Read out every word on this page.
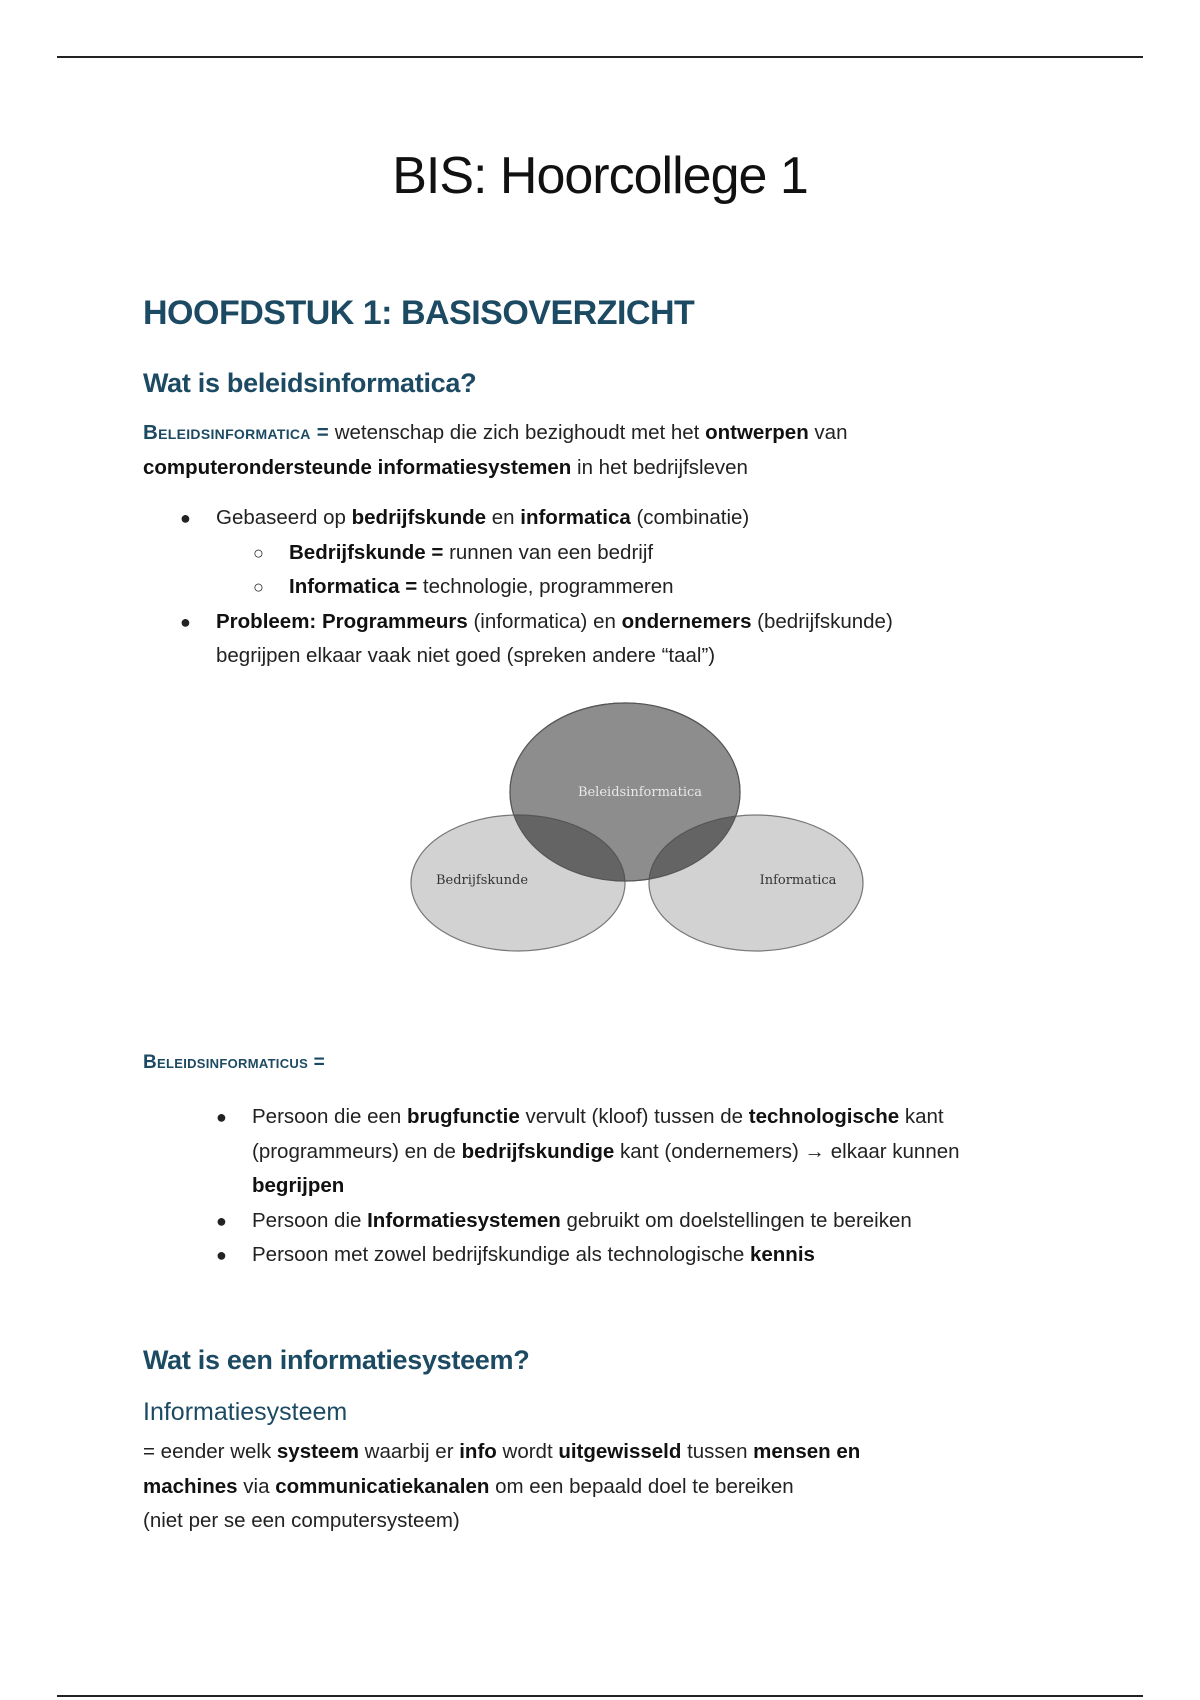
BIS: Hoorcollege 1
HOOFDSTUK 1: BASISOVERZICHT
Wat is beleidsinformatica?
Beleidsinformatica = wetenschap die zich bezighoudt met het ontwerpen van
computerondersteunde informatiesystemen in het bedrijfsleven
● Gebaseerd op bedrijfskunde en informatica (combinatie)
○ Bedrijfskunde = runnen van een bedrijf
○ Informatica = technologie, programmeren
● Probleem: Programmeurs (informatica) en ondernemers (bedrijfskunde)
begrijpen elkaar vaak niet goed (spreken andere “taal”)
Beleidsinformatica
Bedrijfskunde	Informatica
Beleidsinformaticus =
● Persoon die een brugfunctie vervult (kloof) tussen de technologische kant
(programmeurs) en de bedrijfskundige kant (ondernemers) → elkaar kunnen
begrijpen
● Persoon die Informatiesystemen gebruikt om doelstellingen te bereiken
● Persoon met zowel bedrijfskundige als technologische kennis
Wat is een informatiesysteem?
Informatiesysteem
= eender welk systeem waarbij er info wordt uitgewisseld tussen mensen en
machines via communicatiekanalen om een bepaald doel te bereiken
(niet per se een computersysteem)
